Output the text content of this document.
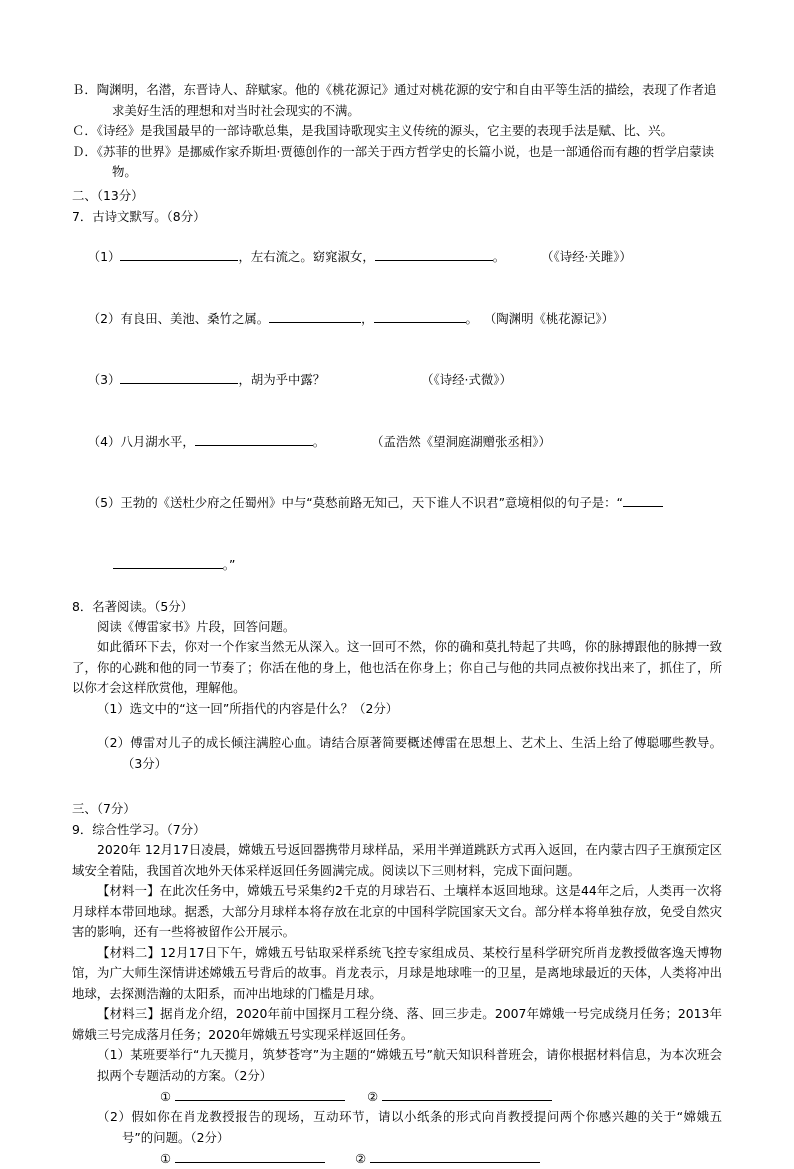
Ｂ．陶渊明，名潜，东晋诗人、辞赋家。他的《桃花源记》通过对桃花源的安宁和自由平等生活的描绘，表现了作者追求美好生活的理想和对当时社会现实的不满。
Ｃ．《诗经》是我国最早的一部诗歌总集，是我国诗歌现实主义传统的源头，它主要的表现手法是赋、比、兴。
Ｄ．《苏菲的世界》是挪威作家乔斯坦·贾德创作的一部关于西方哲学史的长篇小说，也是一部通俗而有趣的哲学启蒙读物。
二、（13分）
7．古诗文默写。（8分）

（1）	，左右流之。窈窕淑女，	。	（《诗经·关雎》）

（2）有良田、美池、桑竹之属。	，	。 （陶渊明《桃花源记》）

（3）	，胡为乎中露？	（《诗经·式微》）

（4）八月湖水平，	。	（孟浩然《望洞庭湖赠张丞相》）

（5）王勃的《送杜少府之任蜀州》中与“莫愁前路无知己，天下谁人不识君”意境相似的句子是：“

。”

8．名著阅读。（5分）
阅读《傅雷家书》片段，回答问题。
如此循环下去，你对一个作家当然无从深入。这一回可不然，你的确和莫扎特起了共鸣，你的脉搏跟他的脉搏一致了，你的心跳和他的同一节奏了；你活在他的身上，他也活在你身上；你自己与他的共同点被你找出来了，抓住了，所以你才会这样欣赏他，理解他。
（1）选文中的“这一回”所指代的内容是什么？（2分）
（2）傅雷对儿子的成长倾注满腔心血。请结合原著简要概述傅雷在思想上、艺术上、生活上给了傅聪哪些教导。（3分）
三、（7分）
9．综合性学习。（7分）
2020年 12月17日凌晨，嫦娥五号返回器携带月球样品，采用半弹道跳跃方式再入返回，在内蒙古四子王旗预定区域安全着陆，我国首次地外天体采样返回任务圆满完成。阅读以下三则材料，完成下面问题。
【材料一】在此次任务中，嫦娥五号采集约2千克的月球岩石、土壤样本返回地球。这是44年之后，人类再一次将月球样本带回地球。据悉，大部分月球样本将存放在北京的中国科学院国家天文台。部分样本将单独存放，免受自然灾害的影响，还有一些将被留作公开展示。
【材料二】12月17日下午，嫦娥五号钻取采样系统飞控专家组成员、某校行星科学研究所肖龙教授做客逸天博物馆，为广大师生深情讲述嫦娥五号背后的故事。肖龙表示，月球是地球唯一的卫星，是离地球最近的天体，人类将冲出地球，去探测浩瀚的太阳系，而冲出地球的门槛是月球。
【材料三】据肖龙介绍，2020年前中国探月工程分绕、落、回三步走。2007年嫦娥一号完成绕月任务；2013年嫦娥三号完成落月任务；2020年嫦娥五号实现采样返回任务。
（1）某班要举行“九天揽月，筑梦苍穹”为主题的“嫦娥五号”航天知识科普班会，请你根据材料信息，为本次班会拟两个专题活动的方案。（2分）
①	②
（2）假如你在肖龙教授报告的现场，互动环节，请以小纸条的形式向肖教授提问两个你感兴趣的关于“嫦娥五号”的问题。（2分）
①	②
